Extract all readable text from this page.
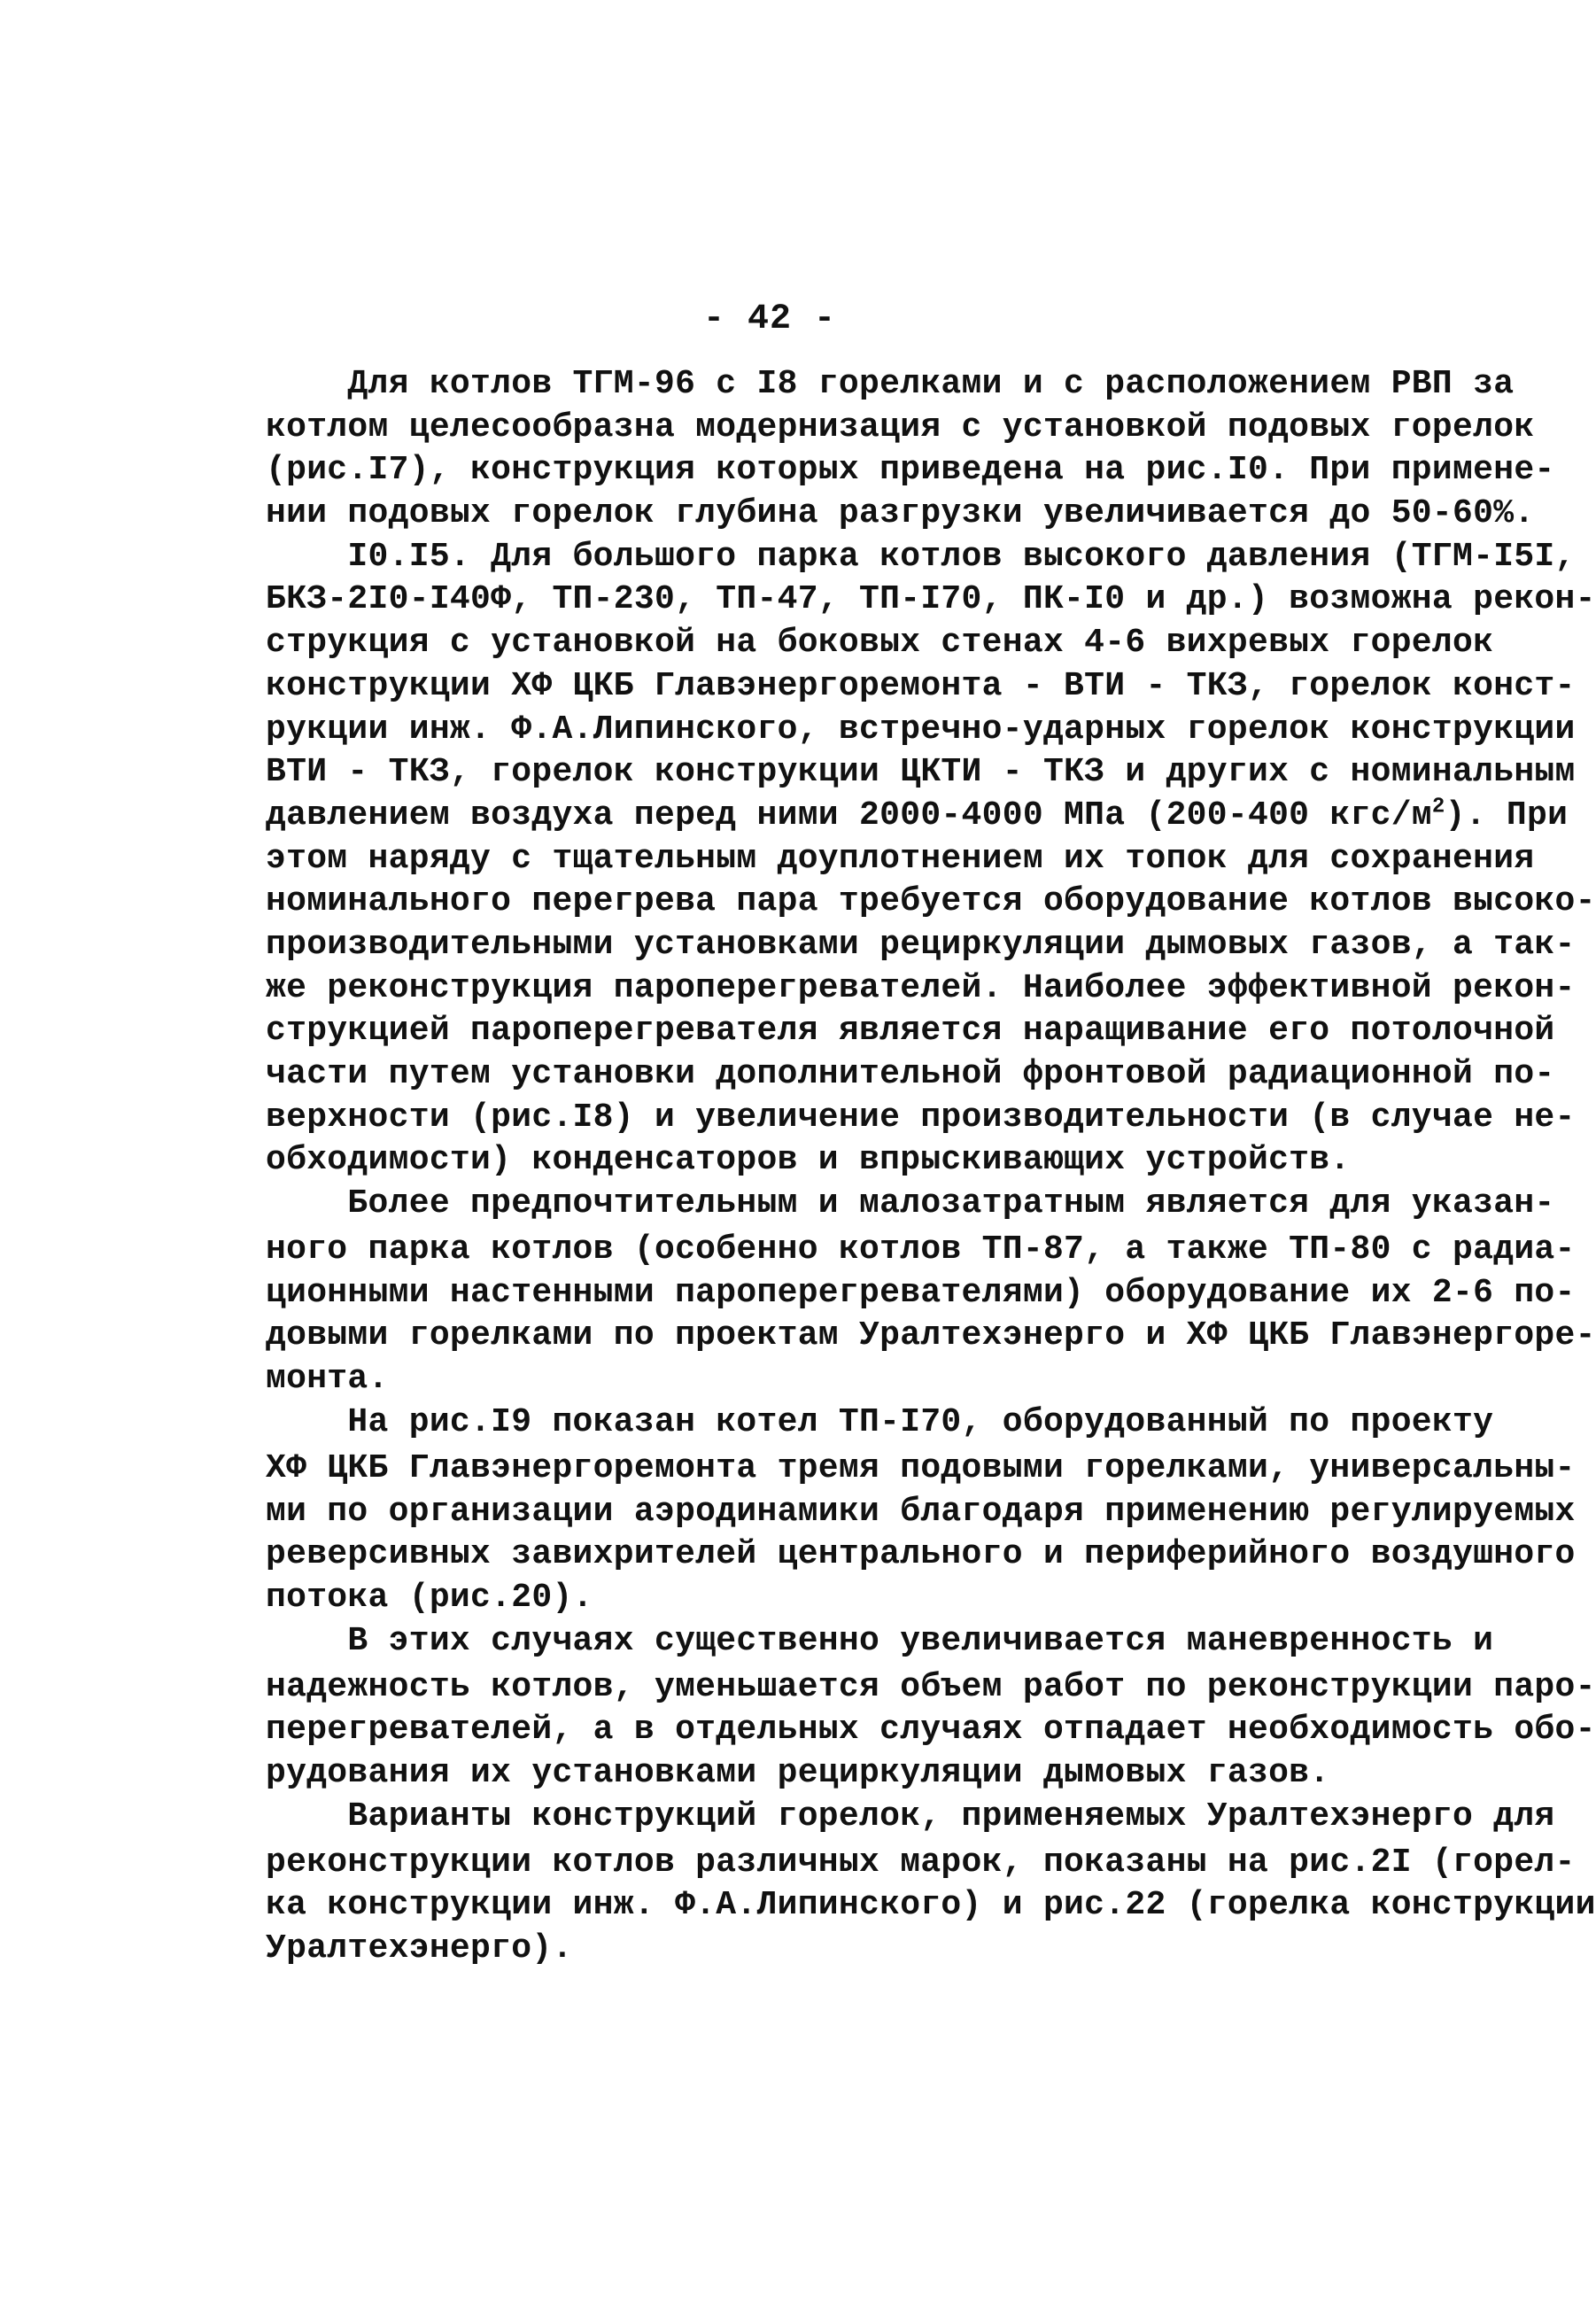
- 42 -
Для котлов ТГМ-96 с I8 горелками и с расположением РВП за
котлом целесообразна модернизация с установкой подовых горелок
(рис.I7), конструкция которых приведена на рис.I0. При примене-
нии подовых горелок глубина разгрузки увеличивается до 50-60%.
I0.I5. Для большого парка котлов высокого давления (ТГМ-I5I,
БКЗ-2I0-I40Ф, ТП-230, ТП-47, ТП-I70, ПК-I0 и др.) возможна рекон-
струкция с установкой на боковых стенах 4-6 вихревых горелок
конструкции ХФ ЦКБ Главэнергоремонта - ВТИ - ТКЗ, горелок конст-
рукции инж. Ф.А.Липинского, встречно-ударных горелок конструкции
ВТИ - ТКЗ, горелок конструкции ЦКТИ - ТКЗ и других с номинальным
давлением воздуха перед ними 2000-4000 МПа (200-400 кгс/$м^2$). При
этом наряду с тщательным доуплотнением их топок для сохранения
номинального перегрева пара требуется оборудование котлов высоко-
производительными установками рециркуляции дымовых газов, а так-
же реконструкция пароперегревателей. Наиболее эффективной рекон-
струкцией пароперегревателя является наращивание его потолочной
части путем установки дополнительной фронтовой радиационной по-
верхности (рис.I8) и увеличение производительности (в случае не-
обходимости) конденсаторов и впрыскивающих устройств.
Более предпочтительным и малозатратным является для указан-
ного парка котлов (особенно котлов ТП-87, а также ТП-80 с радиа-
ционными настенными пароперегревателями) оборудование их 2-6 по-
довыми горелками по проектам Уралтехэнерго и ХФ ЦКБ Главэнергоре-
монта.
На рис.I9 показан котел ТП-I70, оборудованный по проекту
ХФ ЦКБ Главэнергоремонта тремя подовыми горелками, универсальны-
ми по организации аэродинамики благодаря применению регулируемых
реверсивных завихрителей центрального и периферийного воздушного
потока (рис.20).
В этих случаях существенно увеличивается маневренность и
надежность котлов, уменьшается объем работ по реконструкции паро-
перегревателей, а в отдельных случаях отпадает необходимость обо-
рудования их установками рециркуляции дымовых газов.
Варианты конструкций горелок, применяемых Уралтехэнерго для
реконструкции котлов различных марок, показаны на рис.2I (горел-
ка конструкции инж. Ф.А.Липинского) и рис.22 (горелка конструкции
Уралтехэнерго).
